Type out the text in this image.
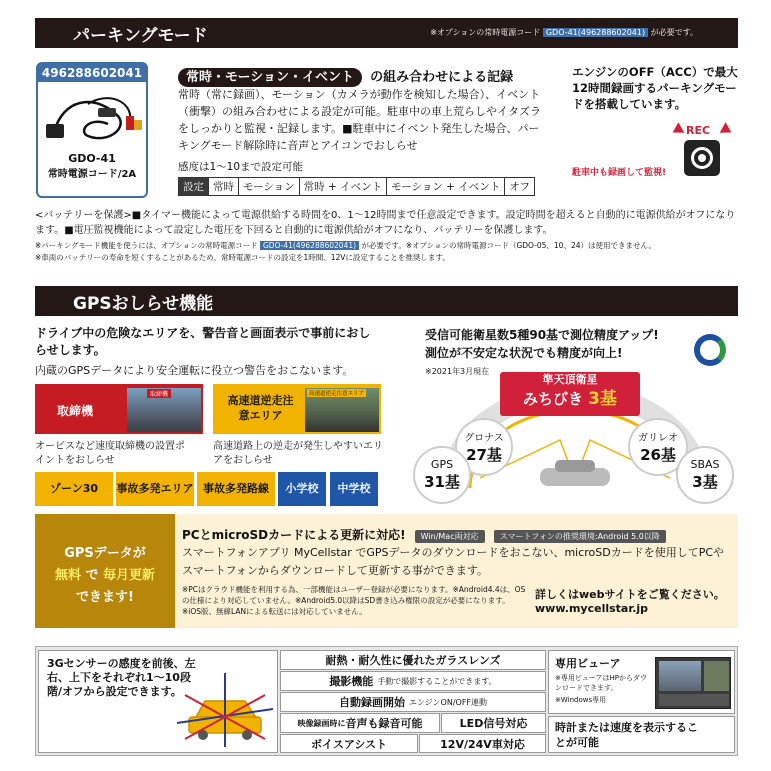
パーキングモード	※オプションの常時電源コード GDO-41(496288602041) が必要です。
496288602041
GDO-41
常時電源コード/2A
常時・モーション・イベント の組み合わせによる記録
常時（常に録画）、モーション（カメラが動作を検知した場合）、イベント（衝撃）の組み合わせによる設定が可能。駐車中の車上荒らしやイタズラをしっかりと監視・記録します。■駐車中にイベント発生した場合、パーキングモード解除時に音声とアイコンでおしらせ
感度は1～10まで設定可能
設定	常時	モーション	常時 + イベント	モーション + イベント	オフ
エンジンのOFF（ACC）で最大12時間録画するパーキングモードを搭載しています。
REC
駐車中も録画して監視!
<バッテリーを保護>■タイマー機能によって電源供給する時間を0、1～12時間まで任意設定できます。設定時間を超えると自動的に電源供給がオフになります。■電圧監視機能によって設定した電圧を下回ると自動的に電源供給がオフになり、バッテリーを保護します。
※パーキングモード機能を使うには、オプションの常時電源コード GDO-41(496288602041) が必要です。※オプションの常時電源コード（GDO-05、10、24）は使用できません。
※車両のバッテリーの寿命を短くすることがあるため、常時電源コードの設定を1時間、12Vに設定することを推奨します。
GPSおしらせ機能
ドライブ中の危険なエリアを、警告音と画面表示で事前におしらせします。
内蔵のGPSデータにより安全運転に役立つ警告をおこないます。
取締機
取締機
オービスなど速度取締機の設置ポイントをおしらせ
高速道逆走注意エリア
高速道逆走注意エリア
高速道路上の逆走が発生しやすいエリアをおしらせ
ゾーン30	事故多発エリア 事故多発路線	小学校	中学校
受信可能衛星数5種90基で測位精度アップ!
測位が不安定な状況でも精度が向上!
※2021年3月現在
準天頂衛星
みちびき 3基
グロナス
27基
GPS
31基
ガリレオ
26基
SBAS
3基
GPSデータが
無料 で 毎月更新
できます!
PCとmicroSDカードによる更新に対応! Win/Mac両対応	スマートフォンの推奨環境:Android 5.0以降
スマートフォンアプリ MyCellstar でGPSデータのダウンロードをおこない、microSDカードを使用してPCやスマートフォンからダウンロードして更新する事ができます。
※PCはクラウド機能を利用する為、一部機能はユーザー登録が必要になります。※Android4.4は、OSの仕様により対応していません。※Android5.0以降はSD書き込み権限の設定が必要になります。※iOS版、無線LANによる転送には対応していません。
詳しくはwebサイトをご覧ください。
www.mycellstar.jp
3Gセンサーの感度を前後、左右、上下をそれぞれ1～10段階/オフから設定できます。
耐熱・耐久性に優れたガラスレンズ
撮影機能 手動で撮影することができます。
自動録画開始 エンジンON/OFF連動
映像録画時に 音声も録音可能	LED信号対応
ボイスアシスト	12V/24V車対応
専用ビューア
※専用ビューアはHPからダウンロードできます。
※Windows専用
時計または速度を表示することが可能
